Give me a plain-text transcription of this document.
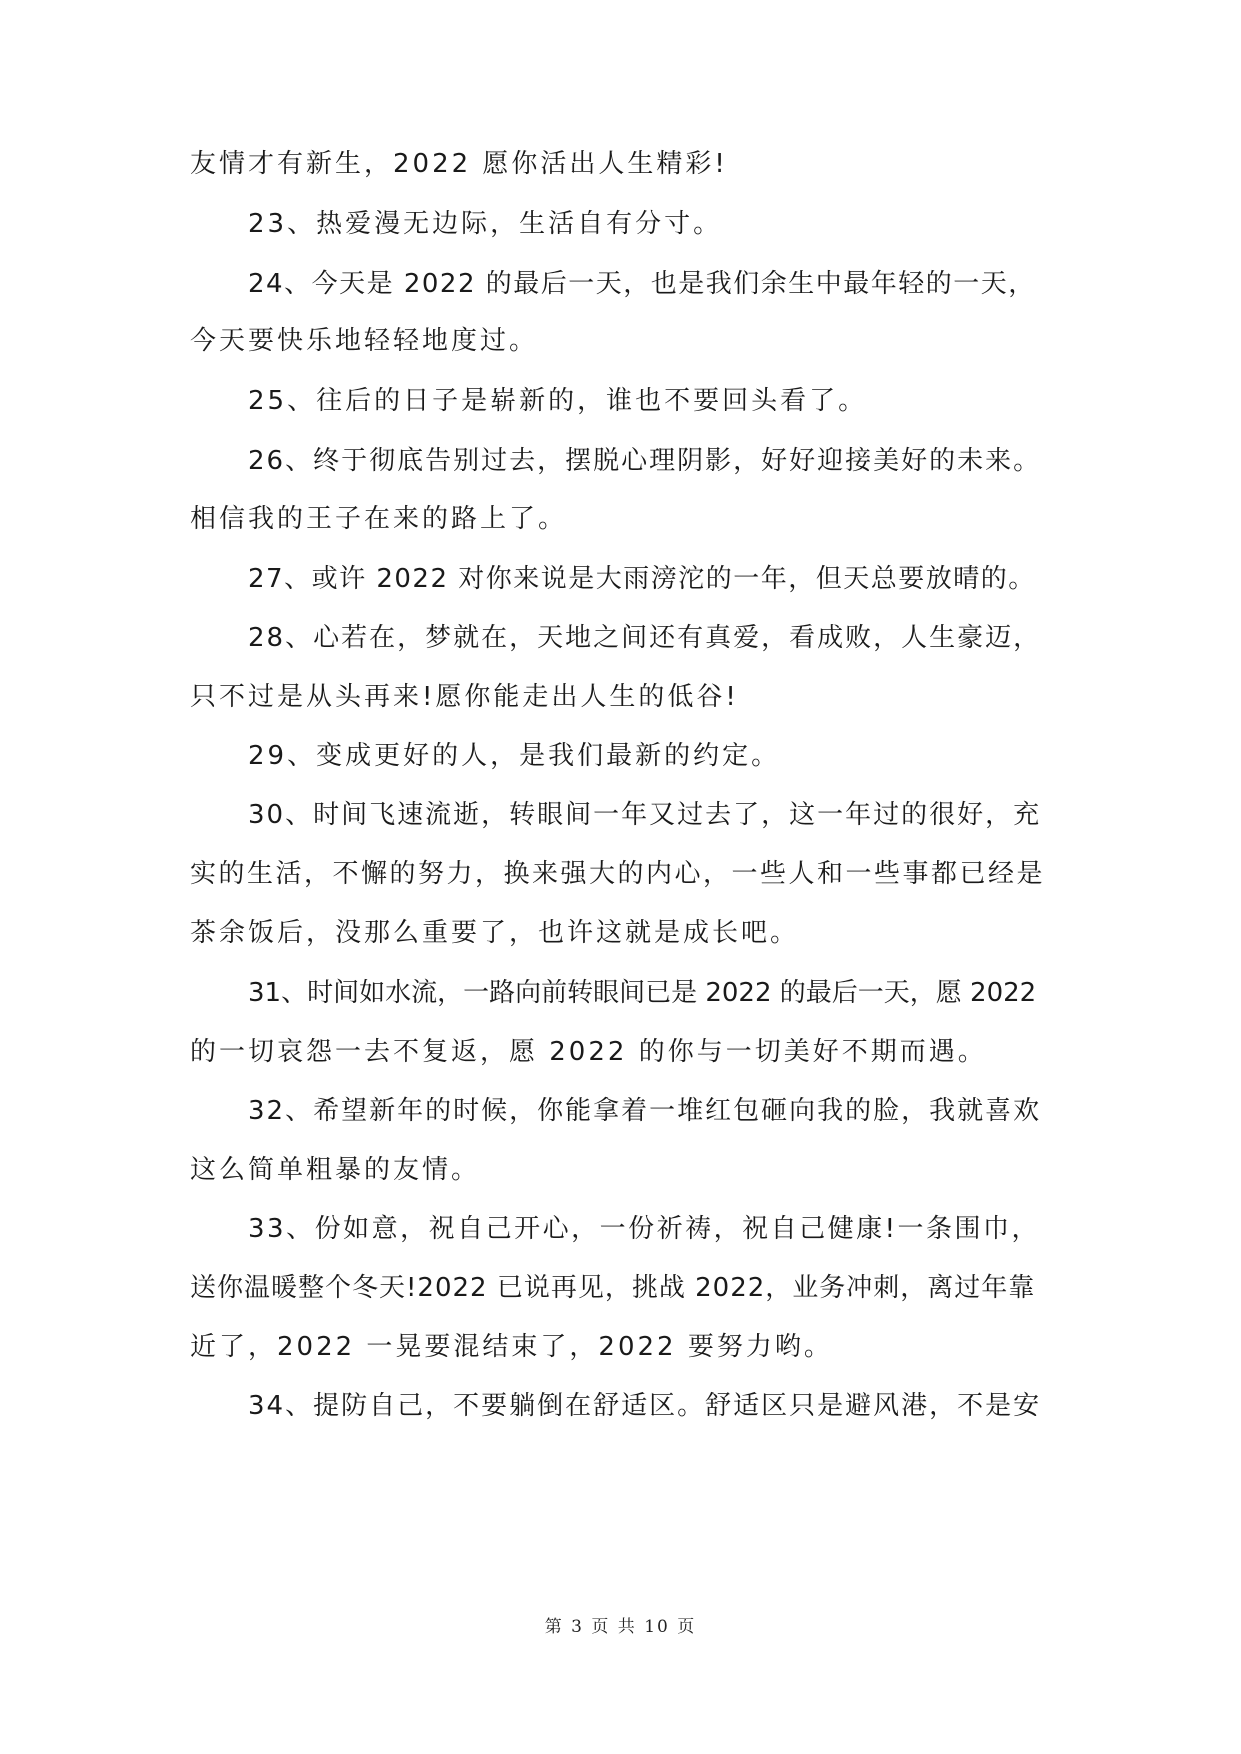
友情才有新生，2022 愿你活出人生精彩!
23、热爱漫无边际，生活自有分寸。
24、今天是 2022 的最后一天，也是我们余生中最年轻的一天，
今天要快乐地轻轻地度过。
25、往后的日子是崭新的，谁也不要回头看了。
26、终于彻底告别过去，摆脱心理阴影，好好迎接美好的未来。
相信我的王子在来的路上了。
27、或许 2022 对你来说是大雨滂沱的一年，但天总要放晴的。
28、心若在，梦就在，天地之间还有真爱，看成败，人生豪迈，
只不过是从头再来!愿你能走出人生的低谷!
29、变成更好的人，是我们最新的约定。
30、时间飞速流逝，转眼间一年又过去了，这一年过的很好，充
实的生活，不懈的努力，换来强大的内心，一些人和一些事都已经是
茶余饭后，没那么重要了，也许这就是成长吧。
31、时间如水流，一路向前转眼间已是 2022 的最后一天，愿 2022
的一切哀怨一去不复返，愿 2022 的你与一切美好不期而遇。
32、希望新年的时候，你能拿着一堆红包砸向我的脸，我就喜欢
这么简单粗暴的友情。
33、份如意，祝自己开心，一份祈祷，祝自己健康!一条围巾，
送你温暖整个冬天!2022 已说再见，挑战 2022，业务冲刺，离过年靠
近了，2022 一晃要混结束了，2022 要努力哟。
34、提防自己，不要躺倒在舒适区。舒适区只是避风港，不是安
第 3 页 共 10 页
